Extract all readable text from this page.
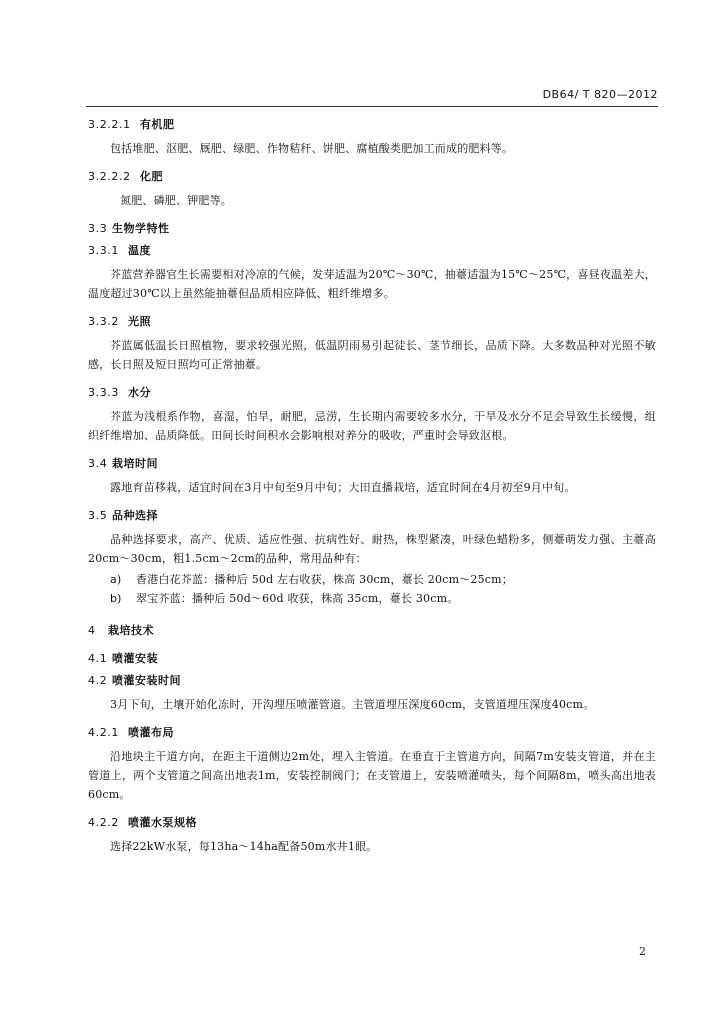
DB64/ T 820—2012

3.2.2.1 有机肥

包括堆肥、沤肥、厩肥、绿肥、作物秸秆、饼肥、腐植酸类肥加工而成的肥料等。

3.2.2.2 化肥

氮肥、磷肥、钾肥等。

3.3 生物学特性

3.3.1 温度

芥蓝营养器官生长需要相对冷凉的气候，发芽适温为20℃～30℃，抽薹适温为15℃～25℃，喜昼夜温差大，温度超过30℃以上虽然能抽薹但品质相应降低、粗纤维增多。

3.3.2 光照

芥蓝属低温长日照植物，要求较强光照，低温阴雨易引起徒长、茎节细长，品质下降。大多数品种对光照不敏感，长日照及短日照均可正常抽薹。

3.3.3 水分

芥蓝为浅根系作物，喜湿，怕旱，耐肥，忌涝，生长期内需要较多水分，干旱及水分不足会导致生长缓慢，组织纤维增加、品质降低。田间长时间积水会影响根对养分的吸收，严重时会导致沤根。

3.4 栽培时间

露地育苗移栽，适宜时间在3月中旬至9月中旬；大田直播栽培，适宜时间在4月初至9月中旬。

3.5 品种选择

品种选择要求，高产、优质、适应性强、抗病性好、耐热，株型紧凑，叶绿色蜡粉多，侧薹萌发力强、主薹高20cm～30cm，粗1.5cm～2cm的品种，常用品种有：

a) 香港白花芥蓝：播种后 50d 左右收获，株高 30cm，薹长 20cm～25cm；

b) 翠宝芥蓝：播种后 50d～60d 收获，株高 35cm，薹长 30cm。

4 栽培技术

4.1 喷灌安装

4.2 喷灌安装时间

3月下旬，土壤开始化冻时，开沟埋压喷灌管道。主管道埋压深度60cm，支管道埋压深度40cm。

4.2.1 喷灌布局

沿地块主干道方向，在距主干道侧边2m处，埋入主管道。在垂直于主管道方向，间隔7m安装支管道，并在主管道上，两个支管道之间高出地表1m，安装控制阀门；在支管道上，安装喷灌喷头，每个间隔8m，喷头高出地表60cm。

4.2.2 喷灌水泵规格

选择22kW水泵，每13ha～14ha配备50m水井1眼。

2
